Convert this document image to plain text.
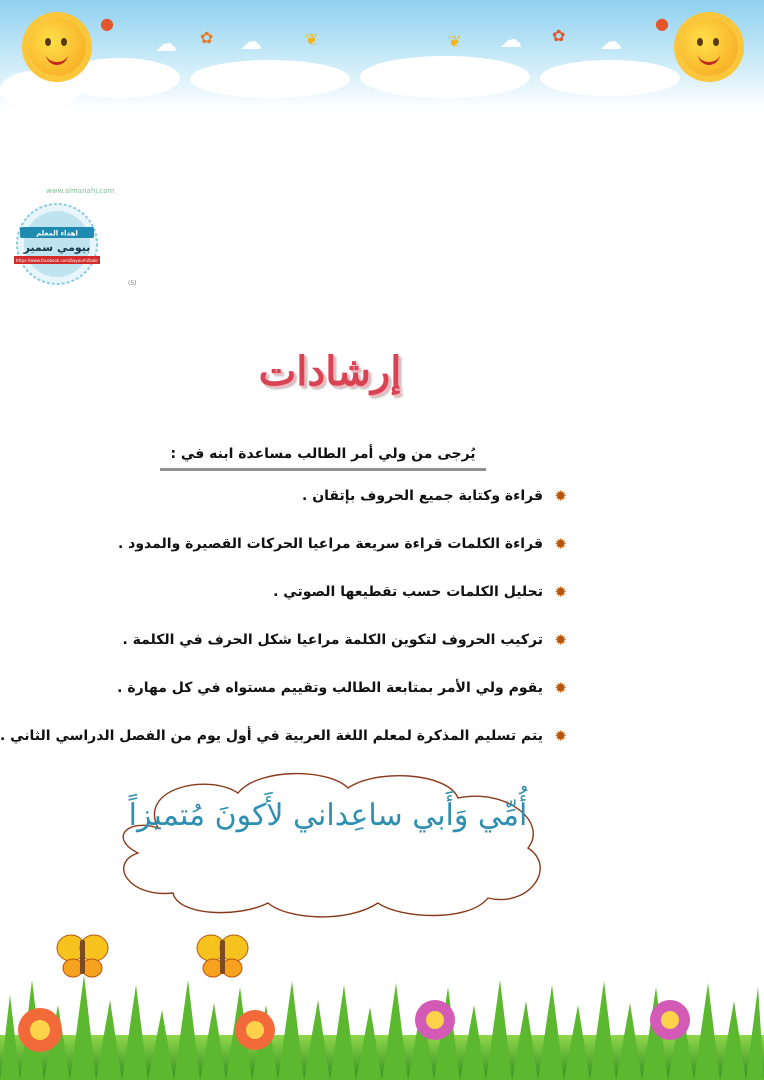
●
✿	❦	❦	✿
●
☁	☁	☁	☁
www.almanahj.com
اهداء المعلم
بيومي سمير
https://www.facebook.com/bayoumi/bakr
(5)
إرشادات
يُرجى من ولي أمر الطالب مساعدة ابنه في :
✹
قراءة وكتابة جميع الحروف بإتقان .
✹
قراءة الكلمات قراءة سريعة مراعيا الحركات القصيرة والمدود .
✹
تحليل الكلمات حسب تقطيعها الصوتي .
✹
تركيب الحروف لتكوين الكلمة مراعيا شكل الحرف في الكلمة .
✹
يقوم ولي الأمر بمتابعة الطالب وتقييم مستواه في كل مهارة .
✹
يتم تسليم المذكرة لمعلم اللغة العربية في أول يوم من الفصل الدراسي الثاني .
أُمِّي وَأَبي ساعِداني لأَكونَ مُتميزاً
